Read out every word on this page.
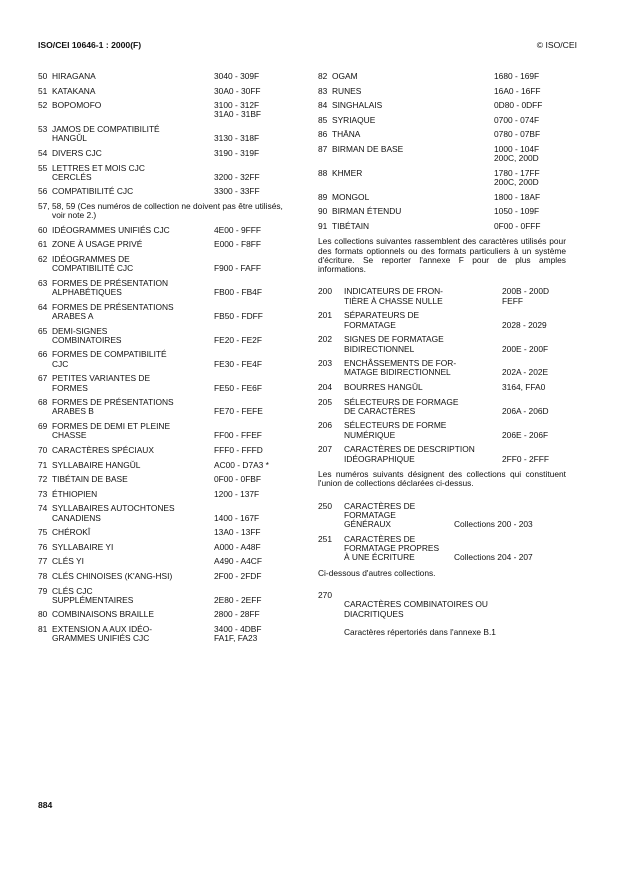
ISO/CEI 10646-1 : 2000(F)	© ISO/CEI
50 HIRAGANA	3040 - 309F
51 KATAKANA	30A0 - 30FF
52 BOPOMOFO	3100 - 312F
31A0 - 31BF
53 JAMOS DE COMPATIBILITÉ
HANGŬL	3130 - 318F
54 DIVERS CJC	3190 - 319F
55 LETTRES ET MOIS CJC
CERCLÉS	3200 - 32FF
56 COMPATIBILITÉ CJC	3300 - 33FF
57, 58, 59 (Ces numéros de collection ne doivent pas être utilisés, voir note 2.)
60 IDÉOGRAMMES UNIFIÉS CJC	4E00 - 9FFF
61 ZONE À USAGE PRIVÉ	E000 - F8FF
62 IDÉOGRAMMES DE
COMPATIBILITÉ CJC	F900 - FAFF
63 FORMES DE PRÉSENTATION
ALPHABÉTIQUES	FB00 - FB4F
64 FORMES DE PRÉSENTATIONS
ARABES A	FB50 - FDFF
65 DEMI-SIGNES
COMBINATOIRES	FE20 - FE2F
66 FORMES DE COMPATIBILITÉ
CJC	FE30 - FE4F
67 PETITES VARIANTES DE
FORMES	FE50 - FE6F
68 FORMES DE PRÉSENTATIONS
ARABES B	FE70 - FEFE
69 FORMES DE DEMI ET PLEINE
CHASSE	FF00 - FFEF
70 CARACTÈRES SPÉCIAUX	FFF0 - FFFD
71 SYLLABAIRE HANGŬL	AC00 - D7A3 *
72 TIBÉTAIN DE BASE	0F00 - 0FBF
73 ÉTHIOPIEN	1200 - 137F
74 SYLLABAIRES AUTOCHTONES
CANADIENS	1400 - 167F
75 CHÉROKÎ	13A0 - 13FF
76 SYLLABAIRE YI	A000 - A48F
77 CLÉS YI	A490 - A4CF
78 CLÉS CHINOISES (K'ANG-HSI)	2F00 - 2FDF
79 CLÉS CJC
SUPPLÉMENTAIRES	2E80 - 2EFF
80 COMBINAISONS BRAILLE	2800 - 28FF
81 EXTENSION A AUX IDÉO-
GRAMMES UNIFIÉS CJC
3400 - 4DBF
FA1F, FA23
82 OGAM	1680 - 169F
83 RUNES	16A0 - 16FF
84 SINGHALAIS	0D80 - 0DFF
85 SYRIAQUE	0700 - 074F
86 THĀNA	0780 - 07BF
87 BIRMAN DE BASE	1000 - 104F
200C, 200D
88 KHMER	1780 - 17FF
200C, 200D
89 MONGOL	1800 - 18AF
90 BIRMAN ÉTENDU	1050 - 109F
91 TIBÉTAIN	0F00 - 0FFF
Les collections suivantes rassemblent des caractères utilisés pour des formats optionnels ou des formats particuliers à un système d'écriture. Se reporter l'annexe F pour de plus amples informations.
200	INDICATEURS DE FRON-
TIÈRE À CHASSE NULLE
200B - 200D
FEFF
201	SÉPARATEURS DE
FORMATAGE	2028 - 2029
202	SIGNES DE FORMATAGE
BIDIRECTIONNEL	200E - 200F
203	ENCHÂSSEMENTS DE FOR-
MATAGE BIDIRECTIONNEL	202A - 202E
204	BOURRES HANGŬL	3164, FFA0
205	SÉLECTEURS DE FORMAGE
DE CARACTÈRES	206A - 206D
206	SÉLECTEURS DE FORME
NUMÉRIQUE	206E - 206F
207	CARACTÈRES DE DESCRIPTION
IDÉOGRAPHIQUE	2FF0 - 2FFF
Les numéros suivants désignent des collections qui constituent l'union de collections déclarées ci-dessus.
250	CARACTÈRES DE FORMATAGE
GÉNÉRAUX	Collections 200 - 203
251	CARACTÈRES DE FORMATAGE PROPRES
À UNE ÉCRITURE	Collections 204 - 207
Ci-dessous d'autres collections.
270

CARACTÈRES COMBINATOIRES OU
DIACRITIQUES

Caractères répertoriés dans l'annexe B.1

884
